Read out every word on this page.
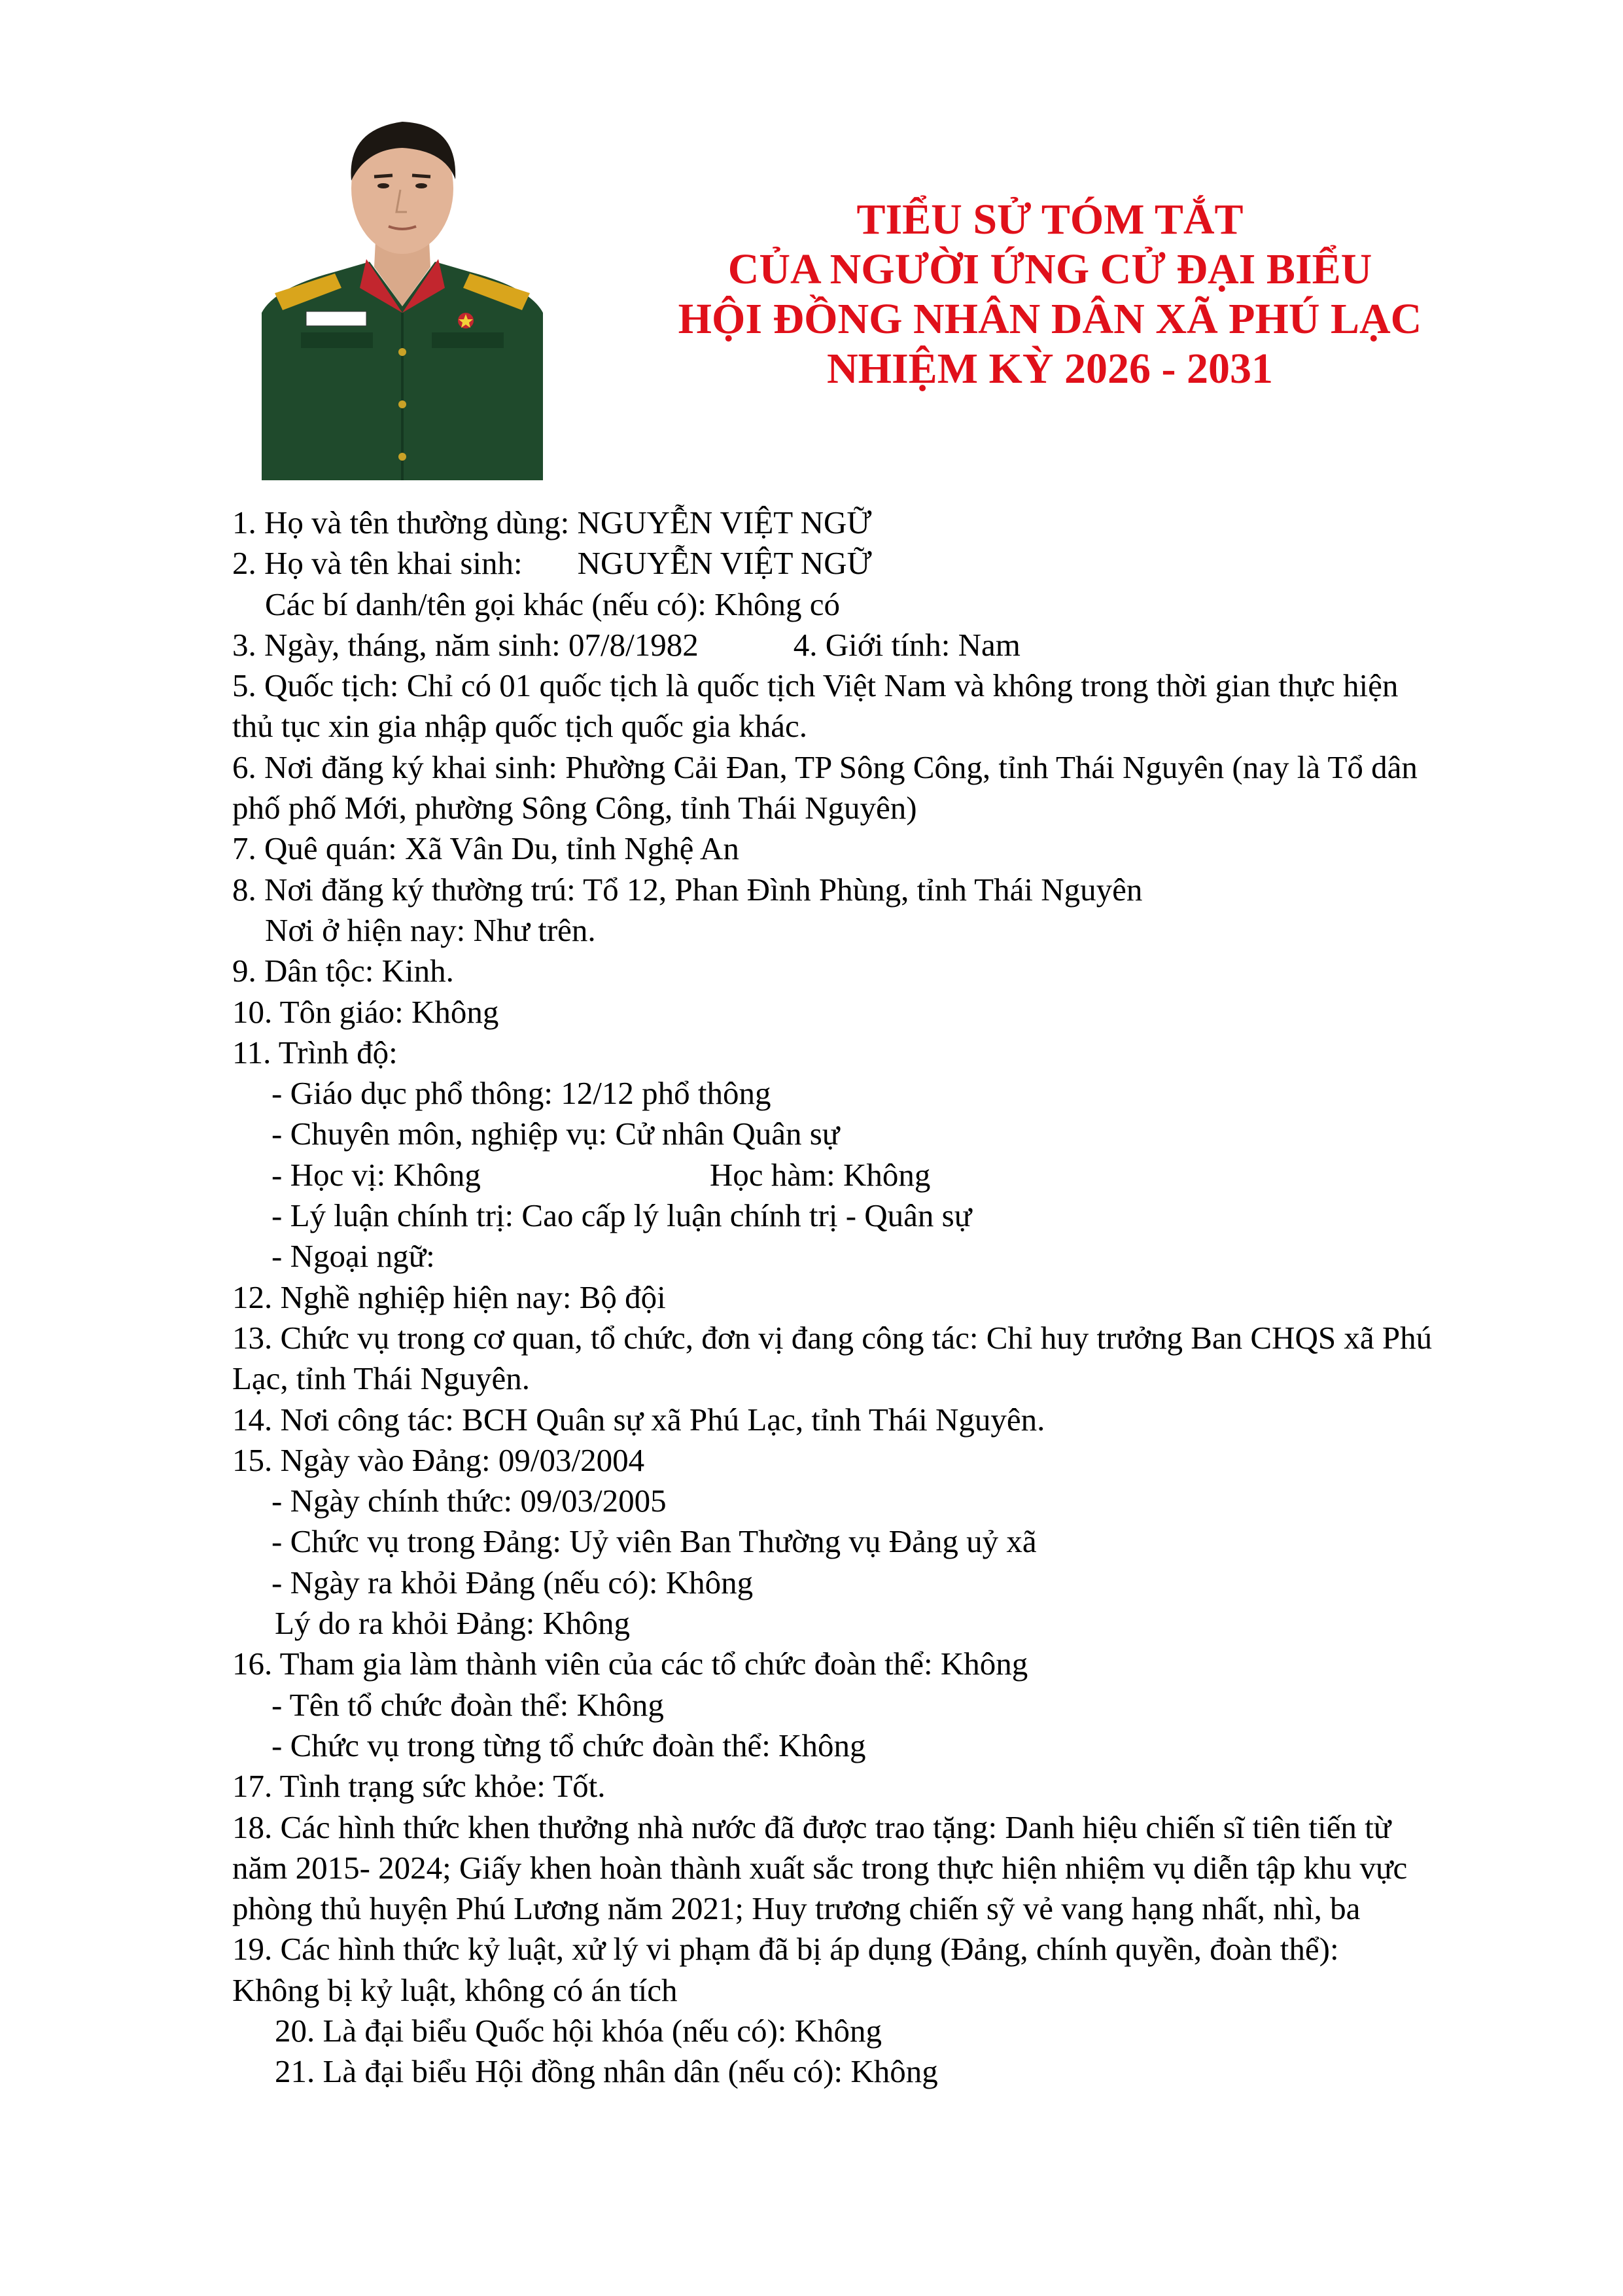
TIỂU SỬ TÓM TẮT
CỦA NGƯỜI ỨNG CỬ ĐẠI BIỂU
HỘI ĐỒNG NHÂN DÂN XÃ PHÚ LẠC
NHIỆM KỲ 2026 - 2031
1. Họ và tên thường dùng: NGUYỄN VIỆT NGỮ
2. Họ và tên khai sinh: NGUYỄN VIỆT NGỮ
Các bí danh/tên gọi khác (nếu có): Không có
3. Ngày, tháng, năm sinh: 07/8/1982	4. Giới tính: Nam
5. Quốc tịch: Chỉ có 01 quốc tịch là quốc tịch Việt Nam và không trong thời gian thực hiện
thủ tục xin gia nhập quốc tịch quốc gia khác.
6. Nơi đăng ký khai sinh: Phường Cải Đan, TP Sông Công, tỉnh Thái Nguyên (nay là Tổ dân
phố phố Mới, phường Sông Công, tỉnh Thái Nguyên)
7. Quê quán: Xã Vân Du, tỉnh Nghệ An
8. Nơi đăng ký thường trú: Tổ 12, Phan Đình Phùng, tỉnh Thái Nguyên
Nơi ở hiện nay: Như trên.
9. Dân tộc: Kinh.
10. Tôn giáo: Không
11. Trình độ:
- Giáo dục phổ thông: 12/12 phổ thông
- Chuyên môn, nghiệp vụ: Cử nhân Quân sự
- Học vị: Không	Học hàm: Không
- Lý luận chính trị: Cao cấp lý luận chính trị - Quân sự
- Ngoại ngữ:
12. Nghề nghiệp hiện nay: Bộ đội
13. Chức vụ trong cơ quan, tổ chức, đơn vị đang công tác: Chỉ huy trưởng Ban CHQS xã Phú
Lạc, tỉnh Thái Nguyên.
14. Nơi công tác: BCH Quân sự xã Phú Lạc, tỉnh Thái Nguyên.
15. Ngày vào Đảng: 09/03/2004
- Ngày chính thức: 09/03/2005
- Chức vụ trong Đảng: Uỷ viên Ban Thường vụ Đảng uỷ xã
- Ngày ra khỏi Đảng (nếu có): Không
Lý do ra khỏi Đảng: Không
16. Tham gia làm thành viên của các tổ chức đoàn thể: Không
- Tên tổ chức đoàn thể: Không
- Chức vụ trong từng tổ chức đoàn thể: Không
17. Tình trạng sức khỏe: Tốt.
18. Các hình thức khen thưởng nhà nước đã được trao tặng: Danh hiệu chiến sĩ tiên tiến từ
năm 2015- 2024; Giấy khen hoàn thành xuất sắc trong thực hiện nhiệm vụ diễn tập khu vực
phòng thủ huyện Phú Lương năm 2021; Huy trương chiến sỹ vẻ vang hạng nhất, nhì, ba
19. Các hình thức kỷ luật, xử lý vi phạm đã bị áp dụng (Đảng, chính quyền, đoàn thể):
Không bị kỷ luật, không có án tích
20. Là đại biểu Quốc hội khóa (nếu có): Không
21. Là đại biểu Hội đồng nhân dân (nếu có): Không
